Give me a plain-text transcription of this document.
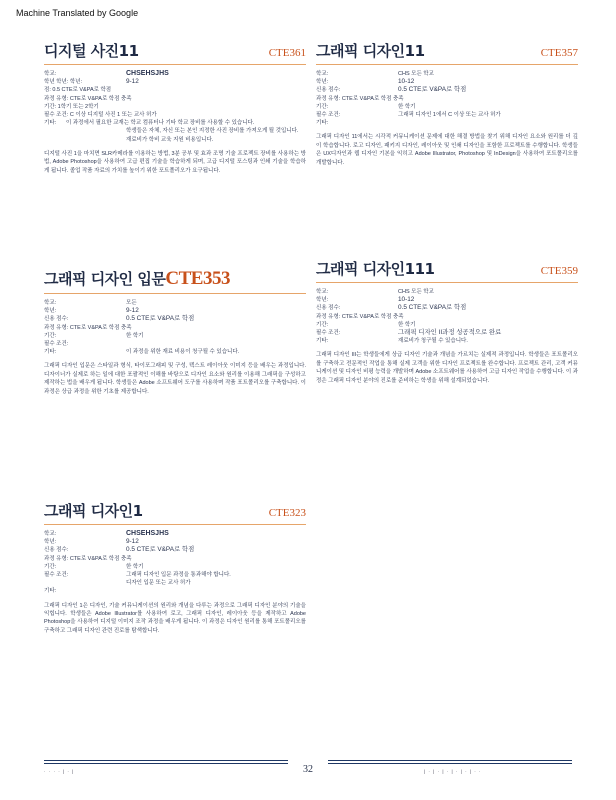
Machine Translated by Google
디지털 사진11	CTE361
학교:	CHSEHSJHS
학년 학년: 학년:	9-12
점: 0.5 CTE로 V&PA로 학점
과정 유형: CTE로 V&PA로 학점 충족
기간: 1학기 또는 2학기
필수 조건: C 이상 디지털 사진 1 또는 교사 허가
기타:	이 과정에서 필요한 교재는 학교 컴퓨터나 기타 학교 장비를 사용할 수 있습니다.
학생들은 자체, 자신 또는 본인 지정한 사진 장비를 가져오게 될 것입니다.
재료비가 학비 교육 지원 비용입니다.

디지털 사진 1을 마치면 SLR카메라를 이용하는 방법, 3분 공부 및 효과 조명 기술 프로젝트 장비를 사용하는 방법, Adobe Photoshop을 사용하여 고급 편집 기술을 학습하게 되며, 고급 디지털 포스팅과 인쇄 기술을 학습하게 됩니다. 졸업 작품 자료의 가치를 높이기 위한 포트폴리오가 요구됩니다.

그래픽 디자인 입문CTE353
학교:	모든
학년:	9-12
신용 점수:	0.5 CTE로 V&PA로 학점
과정 유형: CTE로 V&PA로 학점 충족
기간:	한 학기
필수 조건:
기타:	이 과정을 위한 재료 비용이 청구될 수 있습니다.

그래픽 디자인 입문은 스타일과 형식, 타이포그래피 및 구성, 텍스트 레이아웃 이미지 등을 배우는 과정입니다. 디자이너가 실제로 하는 일에 대한 포괄적인 이해를 바탕으로 디자인 요소와 원리를 이용해 그래픽을 구성하고 제작하는 법을 배우게 됩니다. 학생들은 Adobe 소프트웨어 도구를 사용하며 작품 포트폴리오를 구축합니다. 이 과정은 상급 과정을 위한 기초를 제공합니다.

그래픽 디자인1	CTE323
학교:	CHSEHSJHS
학년:	9-12
신용 점수:	0.5 CTE로 V&PA로 학점
과정 유형: CTE로 V&PA로 학점 충족
기간:	한 학기
필수 조건:	그래픽 디자인 입문 과정을 통과해야 합니다.
디자인 입문 또는 교사 허가
기타:

그래픽 디자인 1은 디자인, 기술 커뮤니케이션의 원리와 개념을 다루는 과정으로 그래픽 디자인 분야의 기술을 익힙니다. 학생들은 Adobe Illustrator를 사용하여 로고, 그래픽 디자인, 레이아웃 등을 제작하고 Adobe Photoshop을 사용하여 디지털 이미지 조작 과정을 배우게 됩니다. 이 과정은 디자인 원리를 통해 포트폴리오를 구축하고 그래픽 디자인 관련 진로를 탐색합니다.

그래픽 디자인11	CTE357
학교:	CHS 모든 학교
학년:	10-12
신용 점수:	0.5 CTE로 V&PA로 학점
과정 유형: CTE로 V&PA로 학점 충족
기간:	한 학기
필수 조건:	그래픽 디자인 1에서 C 이상 또는 교사 허가
기타:

그래픽 디자인 11에서는 시각적 커뮤니케이션 문제에 대한 해결 방법을 찾기 위해 디자인 요소와 원리를 더 깊이 학습합니다. 로고 디자인, 패키지 디자인, 레이아웃 및 인쇄 디자인을 포함한 프로젝트를 수행합니다. 학생들은 UX디자인과 웹 디자인 기본을 익히고 Adobe Illustrator, Photoshop 및 InDesign을 사용하여 포트폴리오를 개발합니다.

그래픽 디자인111	CTE359
학교:	CHS 모든 학교
학년:	10-12
신용 점수:	0.5 CTE로 V&PA로 학점
과정 유형: CTE로 V&PA로 학점 충족
기간:	한 학기
필수 조건:	그래픽 디자인 II과정 성공적으로 완료
기타:	재료비가 청구될 수 있습니다.

그래픽 디자인 III는 학생들에게 상급 디자인 기술과 개념을 가르치는 실제적 과정입니다. 학생들은 포트폴리오를 구축하고 전문적인 작업을 통해 실제 고객을 위한 디자인 프로젝트를 완수합니다. 프로젝트 관리, 고객 커뮤니케이션 및 디자인 비평 능력을 개발하며 Adobe 소프트웨어를 사용하여 고급 디자인 작업을 수행합니다. 이 과정은 그래픽 디자인 분야의 진로를 준비하는 학생을 위해 설계되었습니다.

32
· · · · | · |	| · | · | · | · | · | · ·
